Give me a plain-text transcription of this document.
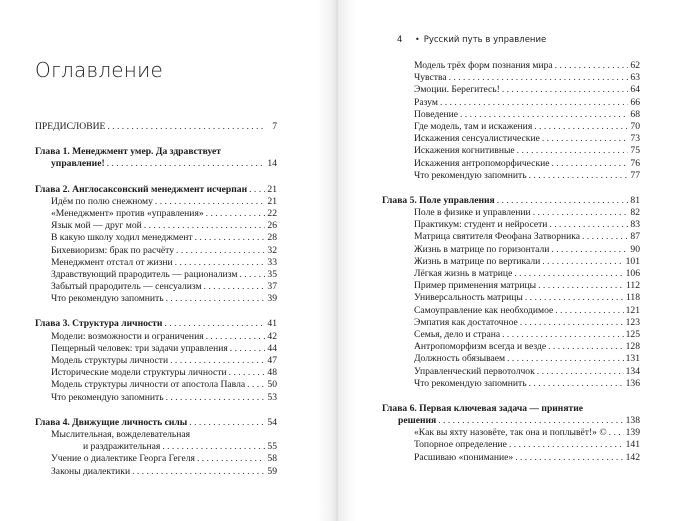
Оглавление
ПРЕДИСЛОВИЕ . . .	7
Глава 1. Менеджмент умер. Да здравствует
управление! . . .	14
Глава 2. Англосаксонский менеджмент исчерпан . . . 21
Идём по полю снежному . . .	21
«Менеджмент» против «управления» . . .	22
Язык мой — друг мой . . .	26
В какую школу ходил менеджмент . . .	28
Бихевиоризм: брак по расчёту . . .	32
Менеджмент отстал от жизни . . .	33
Здравствующий прародитель — рационализм . . .	35
Забытый прародитель — сенсуализм . . .	37
Что рекомендую запомнить . . .	39
Глава 3. Структура личности . . .	41
Модели: возможности и ограничения . . .	42
Пещерный человек: три задачи управления . . .	44
Модель структуры личности . . .	47
Исторические модели структуры личности . . .	48
Модель структуры личности от апостола Павла . . . 50
Что рекомендую запомнить . . .	53
Глава 4. Движущие личность силы . . .	54
Мыслительная, вожделевательная
и раздражительная . . .	55
Учение о диалектике Георга Гегеля . . .	58
Законы диалектики . . .	59
4 • Русский путь в управление
Модель трёх форм познания мира . . .	62
Чувства . . .	63
Эмоции. Берегитесь! . . .	64
Разум . . .	66
Поведение . . .	68
Где модель, там и искажения . . .	70
Искажения сенсуалистические . . .	73
Искажения когнитивные . . .	75
Искажения антропоморфические . . .	76
Что рекомендую запомнить . . .	77
Глава 5. Поле управления . . .	81
Поле в физике и управлении . . .	82
Практикум: студент и нейросети . . .	83
Матрица святителя Феофана Затворника . . .	87
Жизнь в матрице по горизонтали . . .	90
Жизнь в матрице по вертикали . . .	101
Лёгкая жизнь в матрице . . .	106
Пример применения матрицы . . .	112
Универсальность матрицы . . .	118
Самоуправление как необходимое . . .	121
Эмпатия как достаточное . . .	123
Семья, дело и страна . . .	125
Антропоморфизм всегда и везде . . .	128
Должность обязываем . . .	131
Управленческий первотолчок . . .	134
Что рекомендую запомнить . . .	136
Глава 6. Первая ключевая задача — принятие
решения . . .	138
«Как вы яхту назовёте, так она и поплывёт!» © . . . 139
Топорное определение . . .	141
Расшиваю «понимание» . . .	142
